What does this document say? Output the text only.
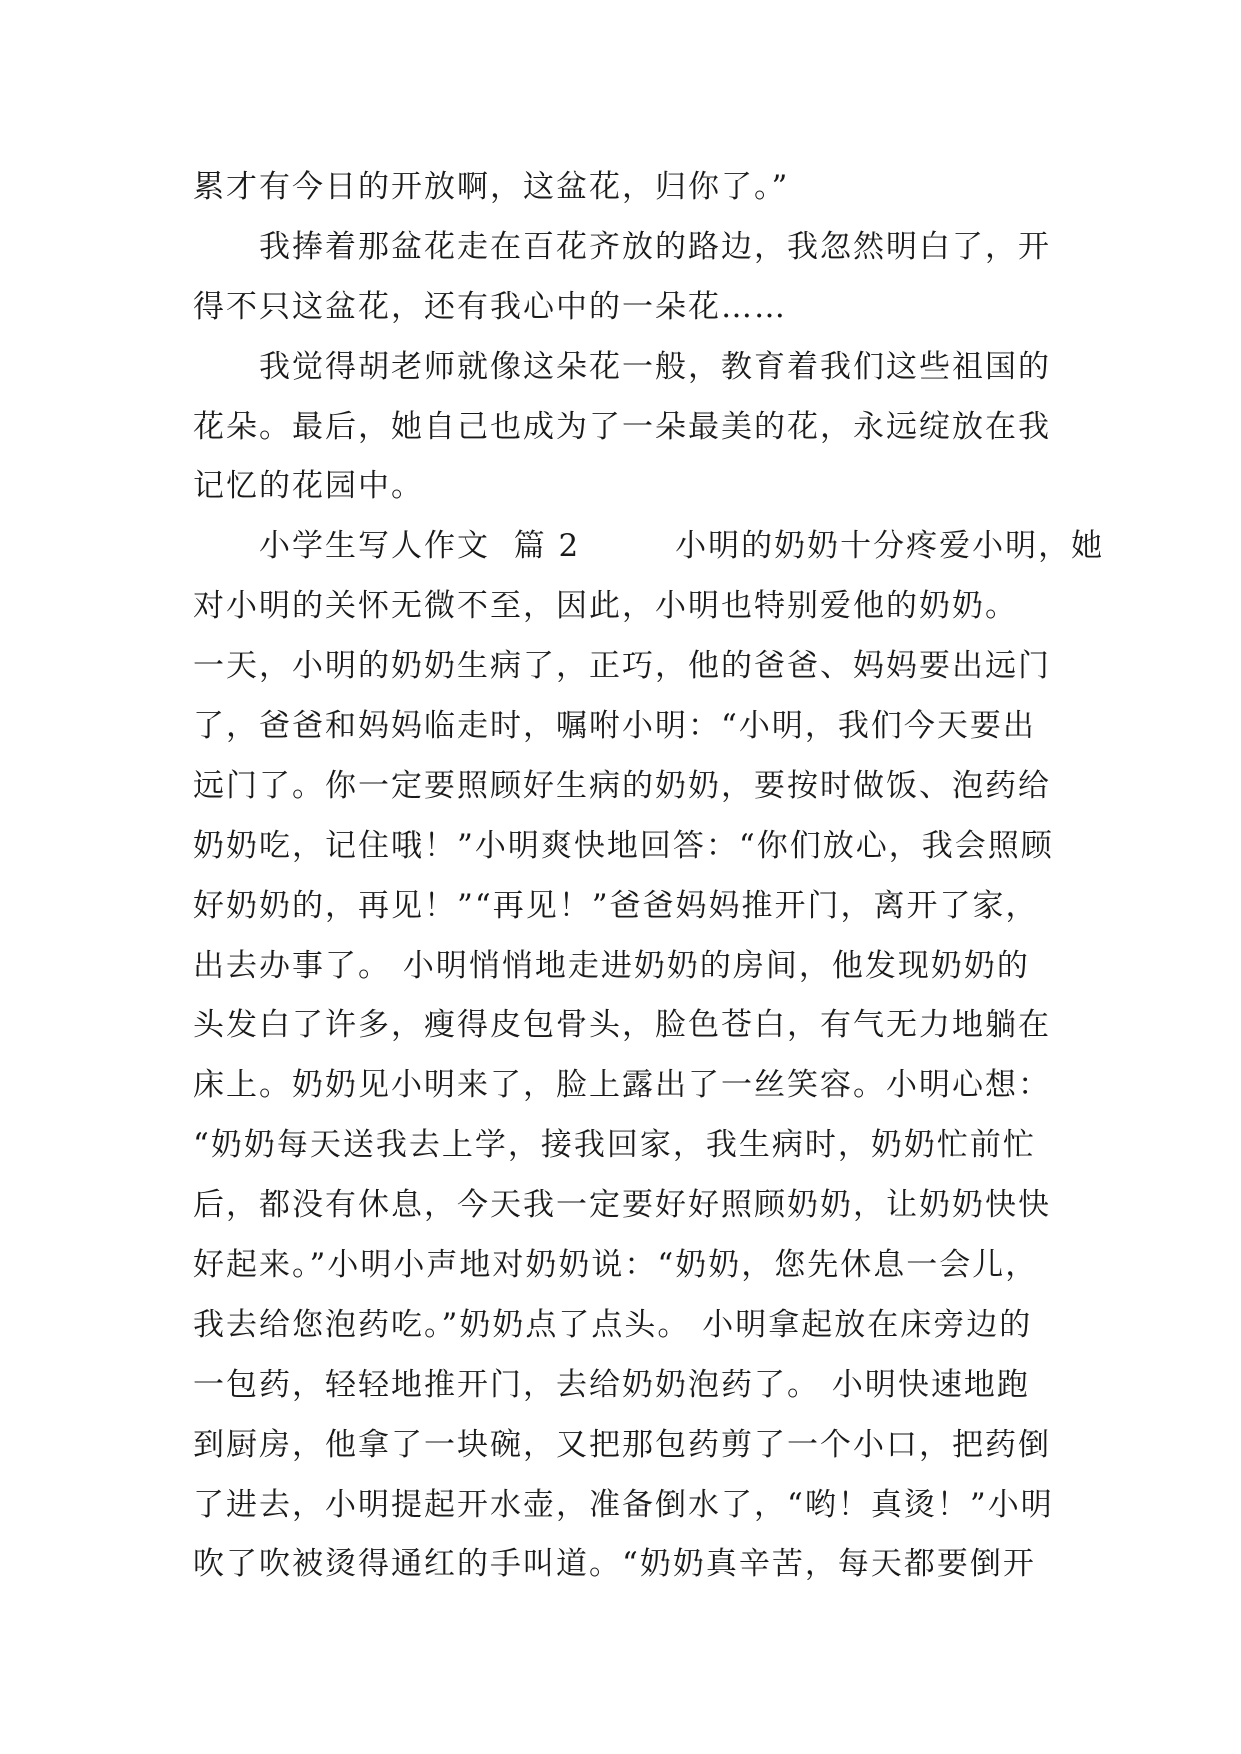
累才有今日的开放啊，这盆花，归你了。”
我捧着那盆花走在百花齐放的路边，我忽然明白了，开
得不只这盆花，还有我心中的一朵花……
我觉得胡老师就像这朵花一般，教育着我们这些祖国的
花朵。最后，她自己也成为了一朵最美的花，永远绽放在我
记忆的花园中。
小学生写人作文  篇 2        小明的奶奶十分疼爱小明，她
对小明的关怀无微不至，因此，小明也特别爱他的奶奶。
一天，小明的奶奶生病了，正巧，他的爸爸、妈妈要出远门
了，爸爸和妈妈临走时，嘱咐小明：“小明，我们今天要出
远门了。你一定要照顾好生病的奶奶，要按时做饭、泡药给
奶奶吃，记住哦！”小明爽快地回答：“你们放心，我会照顾
好奶奶的，再见！”“再见！”爸爸妈妈推开门，离开了家，
出去办事了。 小明悄悄地走进奶奶的房间，他发现奶奶的
头发白了许多，瘦得皮包骨头，脸色苍白，有气无力地躺在
床上。奶奶见小明来了，脸上露出了一丝笑容。小明心想：
“奶奶每天送我去上学，接我回家，我生病时，奶奶忙前忙
后，都没有休息，今天我一定要好好照顾奶奶，让奶奶快快
好起来。”小明小声地对奶奶说：“奶奶，您先休息一会儿，
我去给您泡药吃。”奶奶点了点头。 小明拿起放在床旁边的
一包药，轻轻地推开门，去给奶奶泡药了。 小明快速地跑
到厨房，他拿了一块碗，又把那包药剪了一个小口，把药倒
了进去，小明提起开水壶，准备倒水了，“哟！真烫！”小明
吹了吹被烫得通红的手叫道。“奶奶真辛苦，每天都要倒开
